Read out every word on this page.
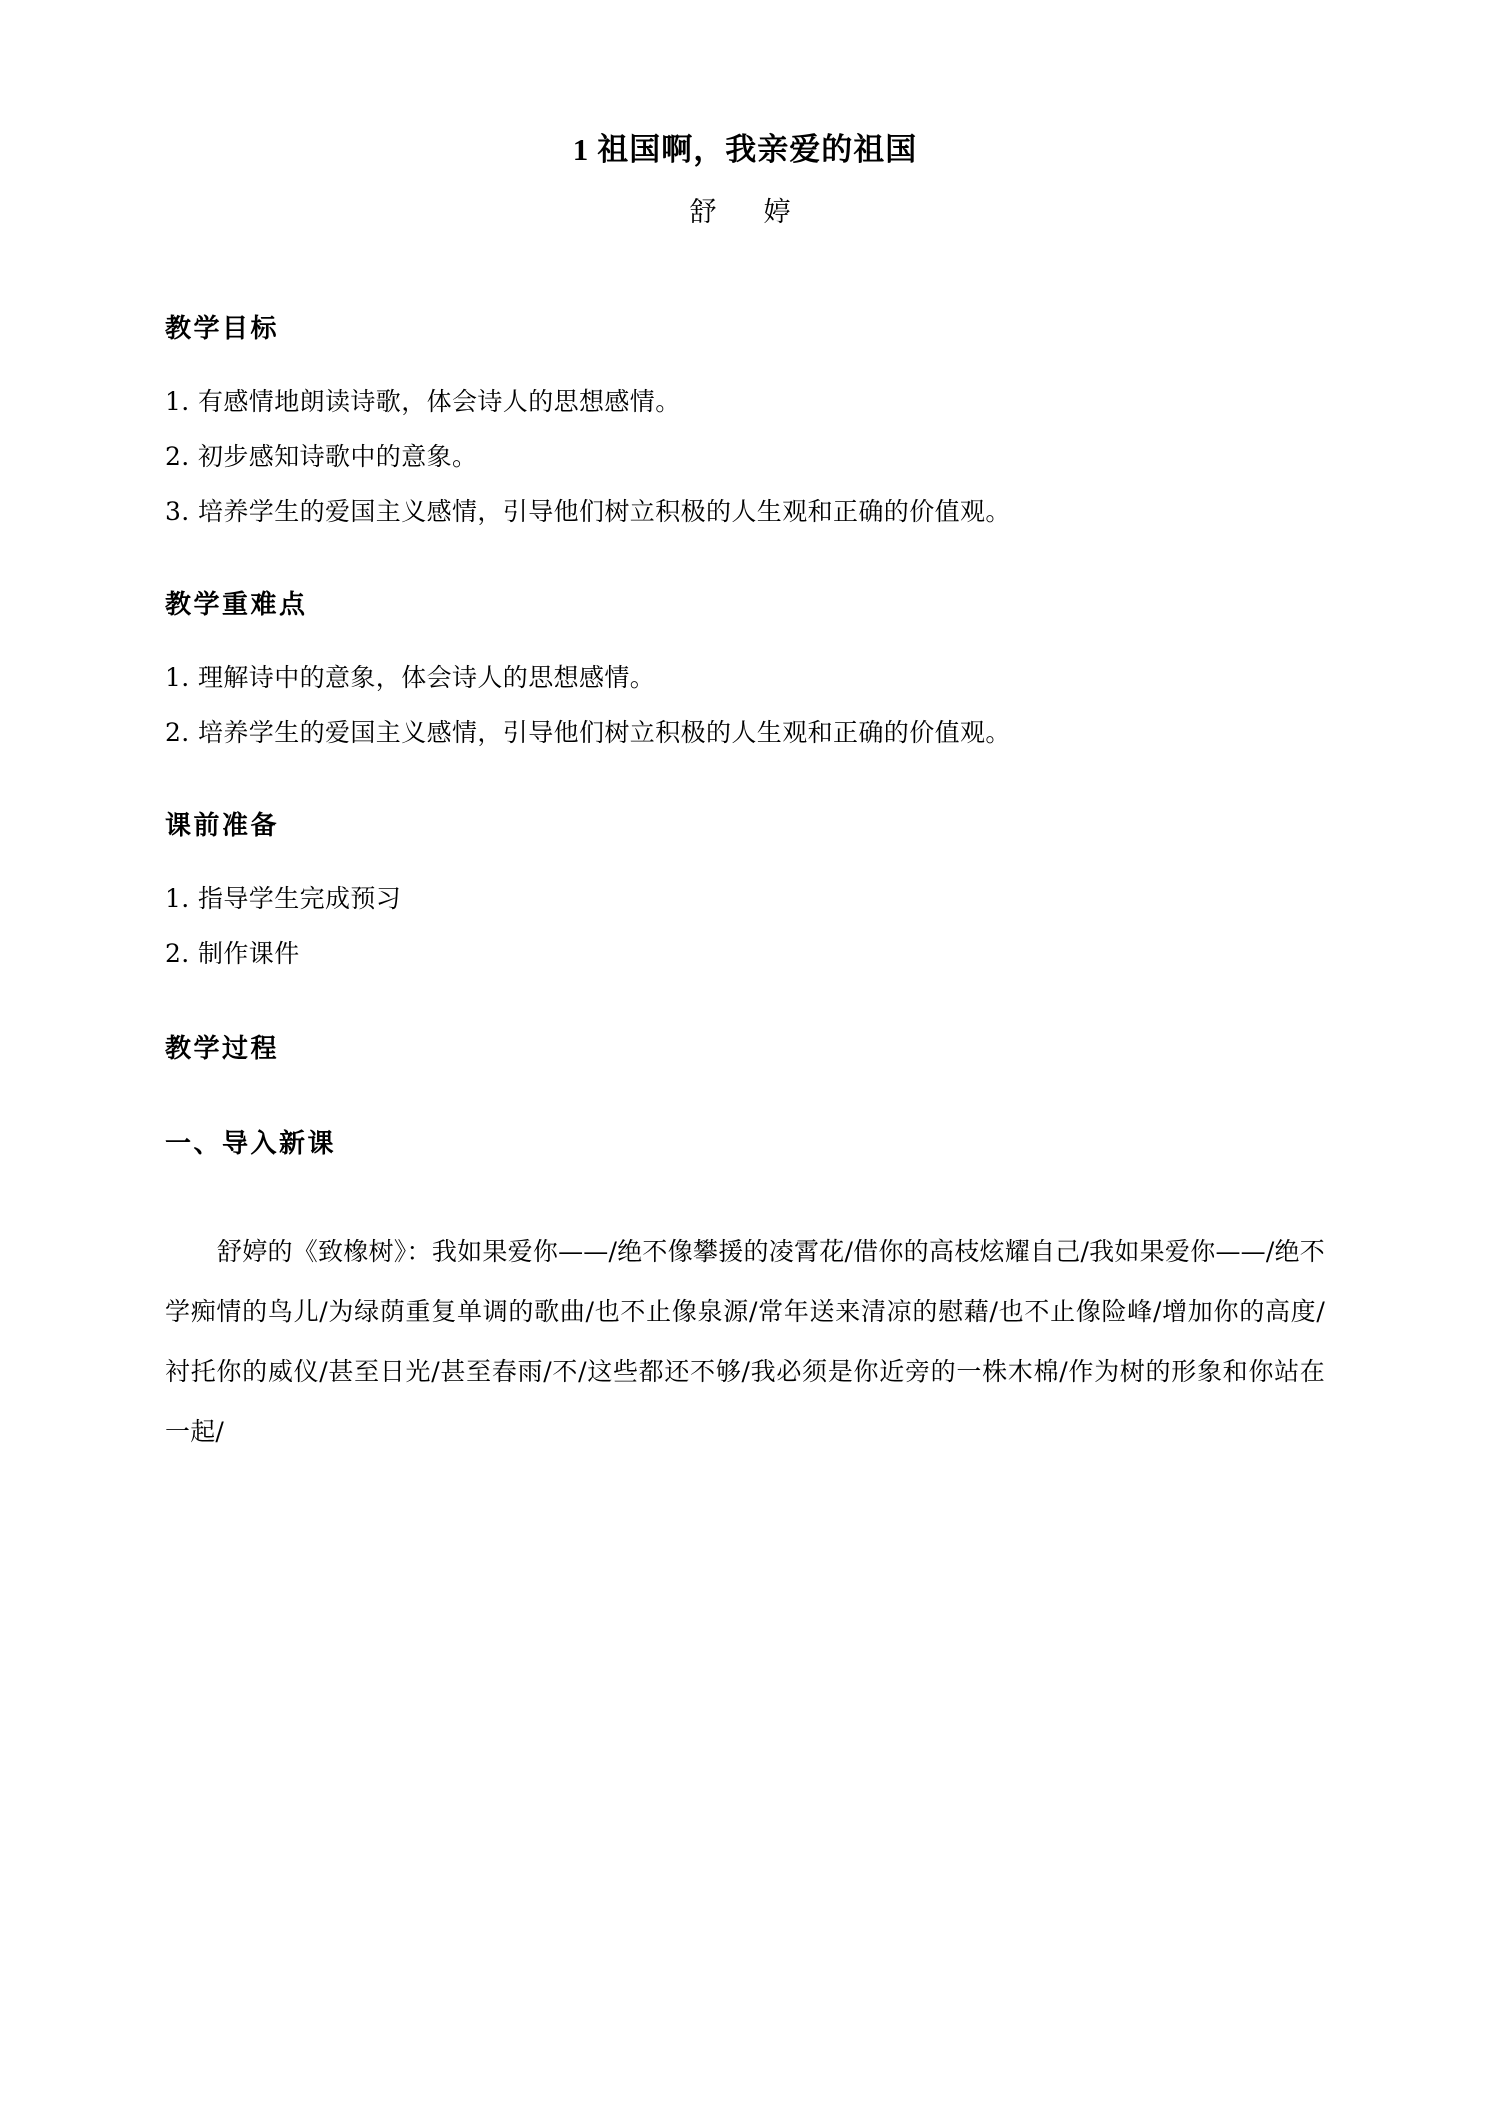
1 祖国啊，我亲爱的祖国

舒　婷

教学目标

1. 有感情地朗读诗歌，体会诗人的思想感情。

2. 初步感知诗歌中的意象。

3. 培养学生的爱国主义感情，引导他们树立积极的人生观和正确的价值观。

教学重难点

1. 理解诗中的意象，体会诗人的思想感情。

2. 培养学生的爱国主义感情，引导他们树立积极的人生观和正确的价值观。

课前准备

1. 指导学生完成预习

2. 制作课件

教学过程
一、导入新课

舒婷的《致橡树》：我如果爱你——/绝不像攀援的凌霄花/借你的高枝炫耀自己/我如果爱你——/绝不学痴情的鸟儿/为绿荫重复单调的歌曲/也不止像泉源/常年送来清凉的慰藉/也不止像险峰/增加你的高度/衬托你的威仪/甚至日光/甚至春雨/不/这些都还不够/我必须是你近旁的一株木棉/作为树的形象和你站在一起/
